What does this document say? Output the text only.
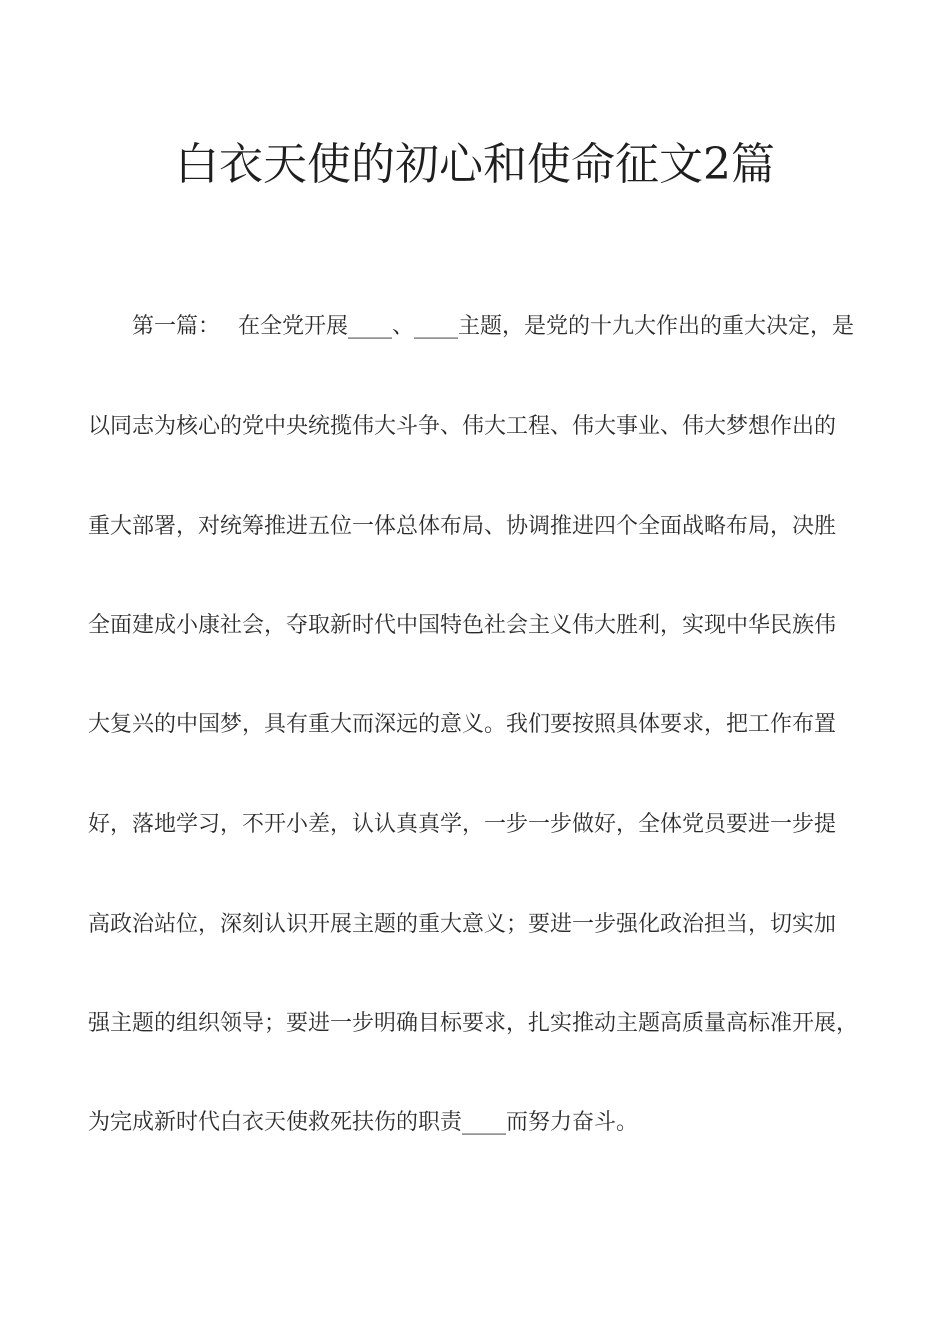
白衣天使的初心和使命征文2篇
第一篇： 在全党开展____、____主题，是党的十九大作出的重大决定，是
以同志为核心的党中央统揽伟大斗争、伟大工程、伟大事业、伟大梦想作出的
重大部署，对统筹推进五位一体总体布局、协调推进四个全面战略布局，决胜
全面建成小康社会，夺取新时代中国特色社会主义伟大胜利，实现中华民族伟
大复兴的中国梦，具有重大而深远的意义。我们要按照具体要求，把工作布置
好，落地学习，不开小差，认认真真学，一步一步做好，全体党员要进一步提
高政治站位，深刻认识开展主题的重大意义；要进一步强化政治担当，切实加
强主题的组织领导；要进一步明确目标要求，扎实推动主题高质量高标准开展，
为完成新时代白衣天使救死扶伤的职责____而努力奋斗。
